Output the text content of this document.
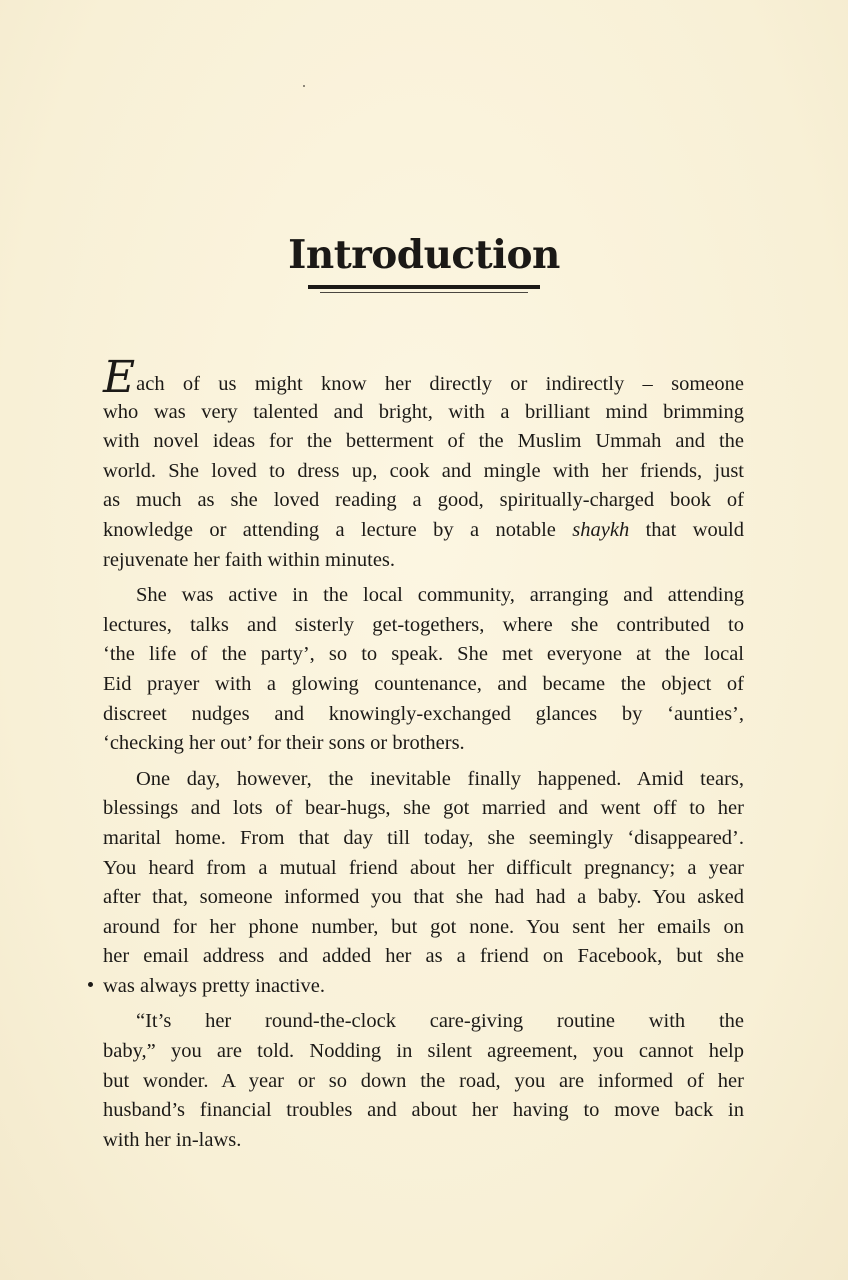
Introduction
Each of us might know her directly or indirectly – someone
who was very talented and bright, with a brilliant mind brimming
with novel ideas for the betterment of the Muslim Ummah and the
world. She loved to dress up, cook and mingle with her friends, just
as much as she loved reading a good, spiritually-charged book of
knowledge or attending a lecture by a notable shaykh that would
rejuvenate her faith within minutes.
She was active in the local community, arranging and attending
lectures, talks and sisterly get-togethers, where she contributed to
‘the life of the party’, so to speak. She met everyone at the local
Eid prayer with a glowing countenance, and became the object of
discreet nudges and knowingly-exchanged glances by ‘aunties’,
‘checking her out’ for their sons or brothers.
One day, however, the inevitable finally happened. Amid tears,
blessings and lots of bear-hugs, she got married and went off to her
marital home. From that day till today, she seemingly ‘disappeared’.
You heard from a mutual friend about her difficult pregnancy; a year
after that, someone informed you that she had had a baby. You asked
around for her phone number, but got none. You sent her emails on
her email address and added her as a friend on Facebook, but she
was always pretty inactive.
“It’s her round-the-clock care-giving routine with the
baby,” you are told. Nodding in silent agreement, you cannot help
but wonder. A year or so down the road, you are informed of her
husband’s financial troubles and about her having to move back in
with her in-laws.
